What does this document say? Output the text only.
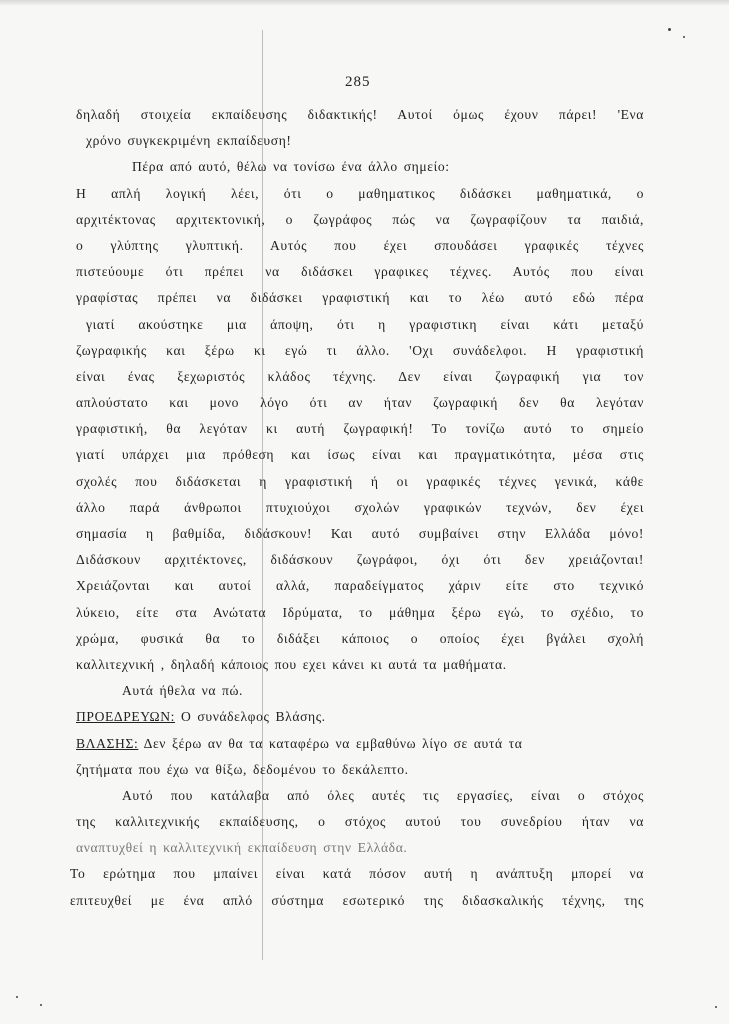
285
δηλαδή στοιχεία εκπαίδευσης διδακτικής! Αυτοί όμως έχουν πάρει! 'Ενα
χρόνο συγκεκριμένη εκπαίδευση!
Πέρα από αυτό, θέλω να τονίσω ένα άλλο σημείο:
Η απλή λογική λέει, ότι ο μαθηματικος διδάσκει μαθηματικά, ο
αρχιτέκτονας αρχιτεκτονική, ο ζωγράφος πώς να ζωγραφίζουν τα παιδιά,
ο γλύπτης γλυπτική. Αυτός που έχει σπουδάσει γραφικές τέχνες
πιστεύουμε ότι πρέπει να διδάσκει γραφικες τέχνες. Αυτός που είναι
γραφίστας πρέπει να διδάσκει γραφιστική και το λέω αυτό εδώ πέρα
γιατί ακούστηκε μια άποψη, ότι η γραφιστικη είναι κάτι μεταξύ
ζωγραφικής και ξέρω κι εγώ τι άλλο. 'Οχι συνάδελφοι. Η γραφιστική
είναι ένας ξεχωριστός κλάδος τέχνης. Δεν είναι ζωγραφική για τον
απλούστατο και μονο λόγο ότι αν ήταν ζωγραφική δεν θα λεγόταν
γραφιστική, θα λεγόταν κι αυτή ζωγραφική! Το τονίζω αυτό το σημείο
γιατί υπάρχει μια πρόθεση και ίσως είναι και πραγματικότητα, μέσα στις
σχολές που διδάσκεται η γραφιστική ή οι γραφικές τέχνες γενικά, κάθε
άλλο παρά άνθρωποι πτυχιούχοι σχολών γραφικών τεχνών, δεν έχει
σημασία η βαθμίδα, διδάσκουν! Και αυτό συμβαίνει στην Ελλάδα μόνο!
Διδάσκουν αρχιτέκτονες, διδάσκουν ζωγράφοι, όχι ότι δεν χρειάζονται!
Χρειάζονται και αυτοί αλλά, παραδείγματος χάριν είτε στο τεχνικό
λύκειο, είτε στα Ανώτατα Ιδρύματα, το μάθημα ξέρω εγώ, το σχέδιο, το
χρώμα, φυσικά θα το διδάξει κάποιος ο οποίος έχει βγάλει σχολή
καλλιτεχνική , δηλαδή κάποιος που εχει κάνει κι αυτά τα μαθήματα.
Αυτά ήθελα να πώ.
ΠΡΟΕΔΡΕΥΩΝ: Ο συνάδελφος Βλάσης.
ΒΛΑΣΗΣ: Δεν ξέρω αν θα τα καταφέρω να εμβαθύνω λίγο σε αυτά τα
ζητήματα που έχω να θίξω, δεδομένου το δεκάλεπτο.
Αυτό που κατάλαβα από όλες αυτές τις εργασίες, είναι ο στόχος
της καλλιτεχνικής εκπαίδευσης, ο στόχος αυτού του συνεδρίου ήταν να
αναπτυχθεί η καλλιτεχνική εκπαίδευση στην Ελλάδα.
Το ερώτημα που μπαίνει είναι κατά πόσον αυτή η ανάπτυξη μπορεί να
επιτευχθεί με ένα απλό σύστημα εσωτερικό της διδασκαλικής τέχνης, της
